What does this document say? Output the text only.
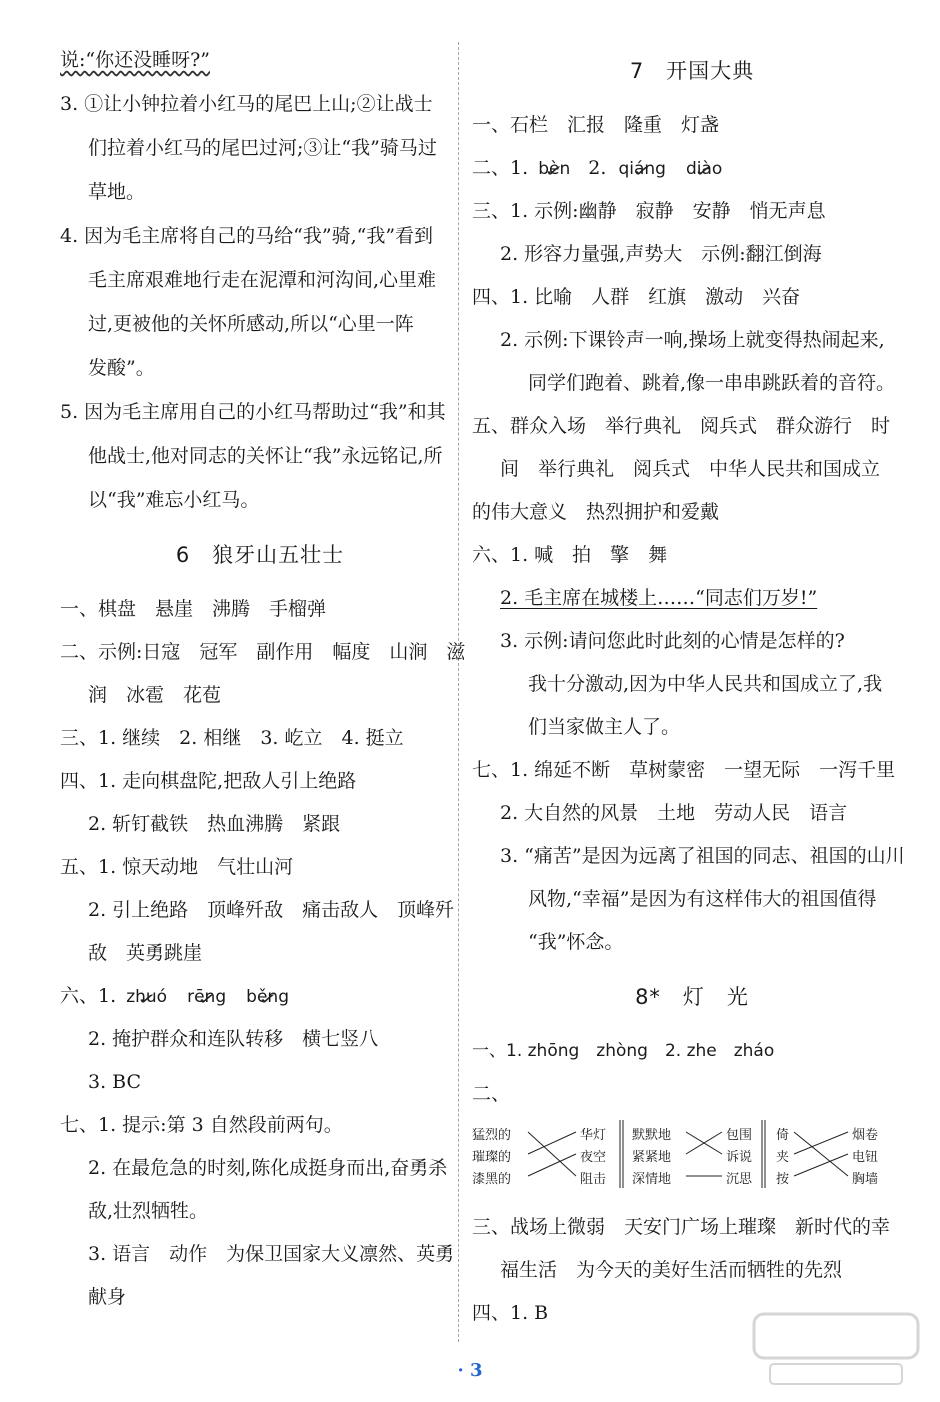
说:“你还没睡呀?”
3. ①让小钟拉着小红马的尾巴上山;②让战士
们拉着小红马的尾巴过河;③让“我”骑马过
草地。
4. 因为毛主席将自己的马给“我”骑,“我”看到
毛主席艰难地行走在泥潭和河沟间,心里难
过,更被他的关怀所感动,所以“心里一阵
发酸”。
5. 因为毛主席用自己的小红马帮助过“我”和其
他战士,他对同志的关怀让“我”永远铭记,所
以“我”难忘小红马。
6　狼牙山五壮士
一、棋盘　悬崖　沸腾　手榴弹
二、示例:日寇　冠军　副作用　幅度　山涧　滋
润　冰雹　花苞
三、1. 继续　2. 相继　3. 屹立　4. 挺立
四、1. 走向棋盘陀,把敌人引上绝路
2. 斩钉截铁　热血沸腾　紧跟
五、1. 惊天动地　气壮山河
2. 引上绝路　顶峰歼敌　痛击敌人　顶峰歼
敌　英勇跳崖
六、1. zhuó ✓ rēng ✓ běng ✓
2. 掩护群众和连队转移　横七竖八
3. BC
七、1. 提示:第 3 自然段前两句。
2. 在最危急的时刻,陈化成挺身而出,奋勇杀
敌,壮烈牺牲。
3. 语言　动作　为保卫国家大义凛然、英勇
献身
7　开国大典
一、石栏　汇报　隆重　灯盏
二、1. bèn ✓ 2. qiáng ✓ diào ✓
三、1. 示例:幽静　寂静　安静　悄无声息
2. 形容力量强,声势大　示例:翻江倒海
四、1. 比喻　人群　红旗　激动　兴奋
2. 示例:下课铃声一响,操场上就变得热闹起来,
同学们跑着、跳着,像一串串跳跃着的音符。
五、群众入场　举行典礼　阅兵式　群众游行　时
间　举行典礼　阅兵式　中华人民共和国成立
的伟大意义　热烈拥护和爱戴
六、1. 喊　拍　擎　舞
2. 毛主席在城楼上……“同志们万岁!”
3. 示例:请问您此时此刻的心情是怎样的?
我十分激动,因为中华人民共和国成立了,我
们当家做主人了。
七、1. 绵延不断　草树蒙密　一望无际　一泻千里
2. 大自然的风景　土地　劳动人民　语言
3. “痛苦”是因为远离了祖国的同志、祖国的山川
风物,“幸福”是因为有这样伟大的祖国值得
“我”怀念。
8*　灯　光
一、1. zhōng　zhòng　2. zhe　zháo
二、
猛烈的
璀璨的
漆黑的
华灯
夜空
阻击
默默地
紧紧地
深情地
包围
诉说
沉思
倚
夹
按
烟卷
电钮
胸墙
三、战场上微弱　天安门广场上璀璨　新时代的幸
福生活　为今天的美好生活而牺牲的先烈
四、1. B
· 3
